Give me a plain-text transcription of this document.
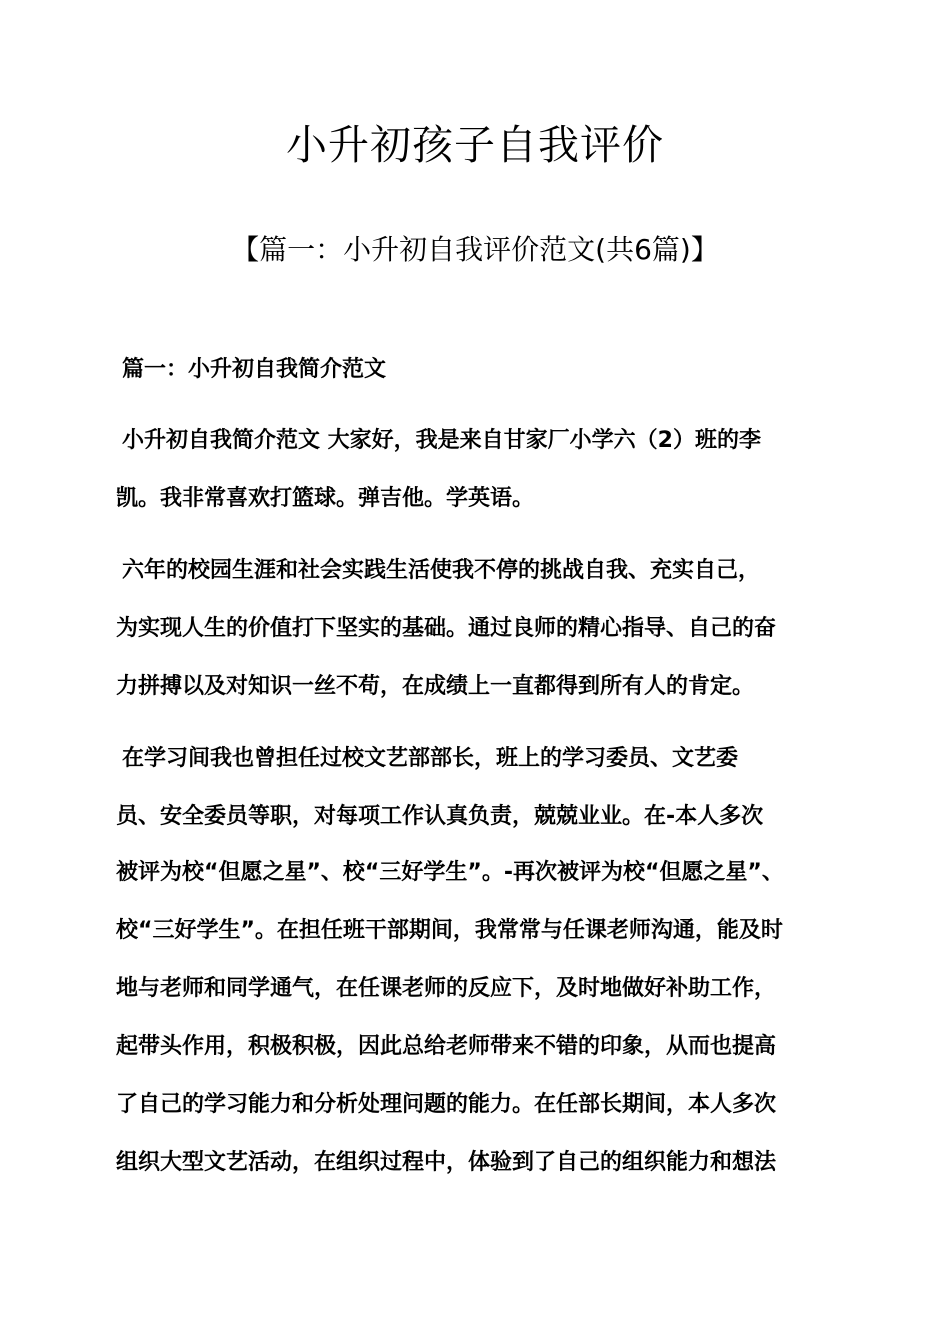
小升初孩子自我评价
【篇一：小升初自我评价范文(共6篇)】
篇一：小升初自我简介范文

小升初自我简介范文 大家好，我是来自甘家厂小学六（2）班的李

凯。我非常喜欢打篮球。弹吉他。学英语。

六年的校园生涯和社会实践生活使我不停的挑战自我、充实自己，

为实现人生的价值打下坚实的基础。通过良师的精心指导、自己的奋

力拼搏以及对知识一丝不苟，在成绩上一直都得到所有人的肯定。

在学习间我也曾担任过校文艺部部长，班上的学习委员、文艺委

员、安全委员等职，对每项工作认真负责，兢兢业业。在-本人多次

被评为校“但愿之星”、校“三好学生”。-再次被评为校“但愿之星”、

校“三好学生”。在担任班干部期间，我常常与任课老师沟通，能及时

地与老师和同学通气，在任课老师的反应下，及时地做好补助工作，

起带头作用，积极积极，因此总给老师带来不错的印象，从而也提高

了自己的学习能力和分析处理问题的能力。在任部长期间，本人多次

组织大型文艺活动，在组织过程中，体验到了自己的组织能力和想法
